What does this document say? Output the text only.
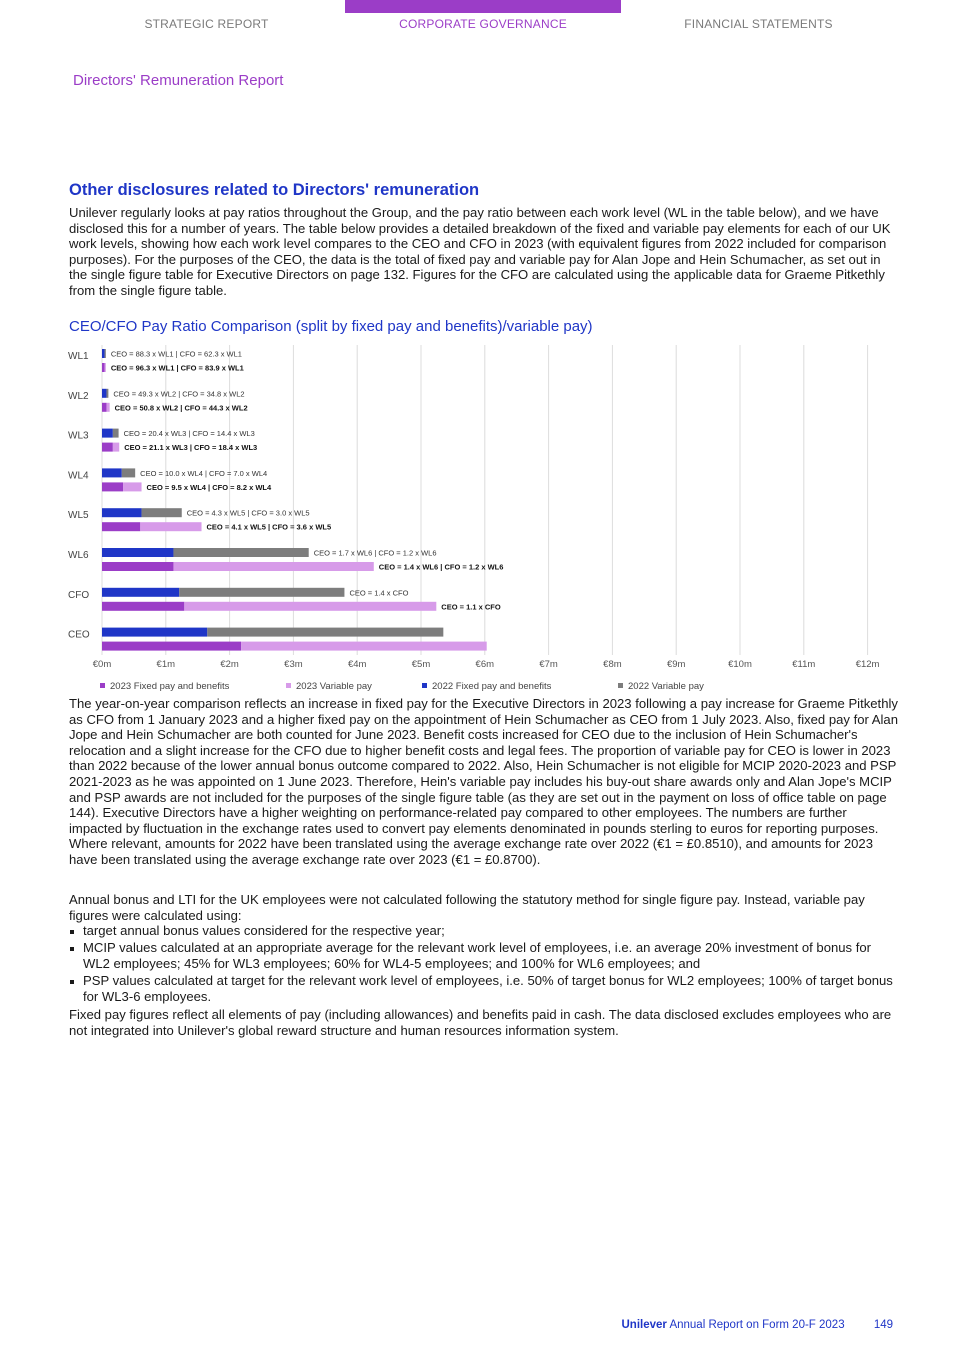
STRATEGIC REPORT	CORPORATE GOVERNANCE	FINANCIAL STATEMENTS
Directors' Remuneration Report
Other disclosures related to Directors' remuneration

Unilever regularly looks at pay ratios throughout the Group, and the pay ratio between each work level (WL in the table below), and we have disclosed this for a number of years. The table below provides a detailed breakdown of the fixed and variable pay elements for each of our UK work levels, showing how each work level compares to the CEO and CFO in 2023 (with equivalent figures from 2022 included for comparison purposes). For the purposes of the CEO, the data is the total of fixed pay and variable pay for Alan Jope and Hein Schumacher, as set out in the single figure table for Executive Directors on page 132. Figures for the CFO are calculated using the applicable data for Graeme Pitkethly from the single figure table.

CEO/CFO Pay Ratio Comparison (split by fixed pay and benefits)/variable pay)
€0m	€1m	€2m	€3m	€4m	€5m	€6m	€7m	€8m	€9m	€10m	€11m	€12m
WL1	CEO = 88.3 x WL1 | CFO = 62.3 x WL1
CEO = 96.3 x WL1 | CFO = 83.9 x WL1
WL2	CEO = 49.3 x WL2 | CFO = 34.8 x WL2
CEO = 50.8 x WL2 | CFO = 44.3 x WL2
WL3	CEO = 20.4 x WL3 | CFO = 14.4 x WL3
CEO = 21.1 x WL3 | CFO = 18.4 x WL3
WL4	CEO = 10.0 x WL4 | CFO = 7.0 x WL4
CEO = 9.5 x WL4 | CFO = 8.2 x WL4
WL5	CEO = 4.3 x WL5 | CFO = 3.0 x WL5
CEO = 4.1 x WL5 | CFO = 3.6 x WL5
WL6	CEO = 1.7 x WL6 | CFO = 1.2 x WL6
CEO = 1.4 x WL6 | CFO = 1.2 x WL6
CFO	CEO = 1.4 x CFO
CEO = 1.1 x CFO
CEO
2023 Fixed pay and benefits	2023 Variable pay	2022 Fixed pay and benefits	2022 Variable pay

The year-on-year comparison reflects an increase in fixed pay for the Executive Directors in 2023 following a pay increase for Graeme Pitkethly as CFO from 1 January 2023 and a higher fixed pay on the appointment of Hein Schumacher as CEO from 1 July 2023. Also, fixed pay for Alan Jope and Hein Schumacher are both counted for June 2023. Benefit costs increased for CEO due to the inclusion of Hein Schumacher's relocation and a slight increase for the CFO due to higher benefit costs and legal fees. The proportion of variable pay for CEO is lower in 2023 than 2022 because of the lower annual bonus outcome compared to 2022. Also, Hein Schumacher is not eligible for MCIP 2020-2023 and PSP 2021-2023 as he was appointed on 1 June 2023. Therefore, Hein's variable pay includes his buy-out share awards only and Alan Jope's MCIP and PSP awards are not included for the purposes of the single figure table (as they are set out in the payment on loss of office table on page 144). Executive Directors have a higher weighting on performance-related pay compared to other employees. The numbers are further impacted by fluctuation in the exchange rates used to convert pay elements denominated in pounds sterling to euros for reporting purposes. Where relevant, amounts for 2022 have been translated using the average exchange rate over 2022 (€1 = £0.8510), and amounts for 2023 have been translated using the average exchange rate over 2023 (€1 = £0.8700).

Annual bonus and LTI for the UK employees were not calculated following the statutory method for single figure pay. Instead, variable pay figures were calculated using:

target annual bonus values considered for the respective year;
MCIP values calculated at an appropriate average for the relevant work level of employees, i.e. an average 20% investment of bonus for WL2 employees; 45% for WL3 employees; 60% for WL4-5 employees; and 100% for WL6 employees; and
PSP values calculated at target for the relevant work level of employees, i.e. 50% of target bonus for WL2 employees; 100% of target bonus for WL3-6 employees.

Fixed pay figures reflect all elements of pay (including allowances) and benefits paid in cash. The data disclosed excludes employees who are not integrated into Unilever's global reward structure and human resources information system.

Unilever Annual Report on Form 20-F 2023	149
